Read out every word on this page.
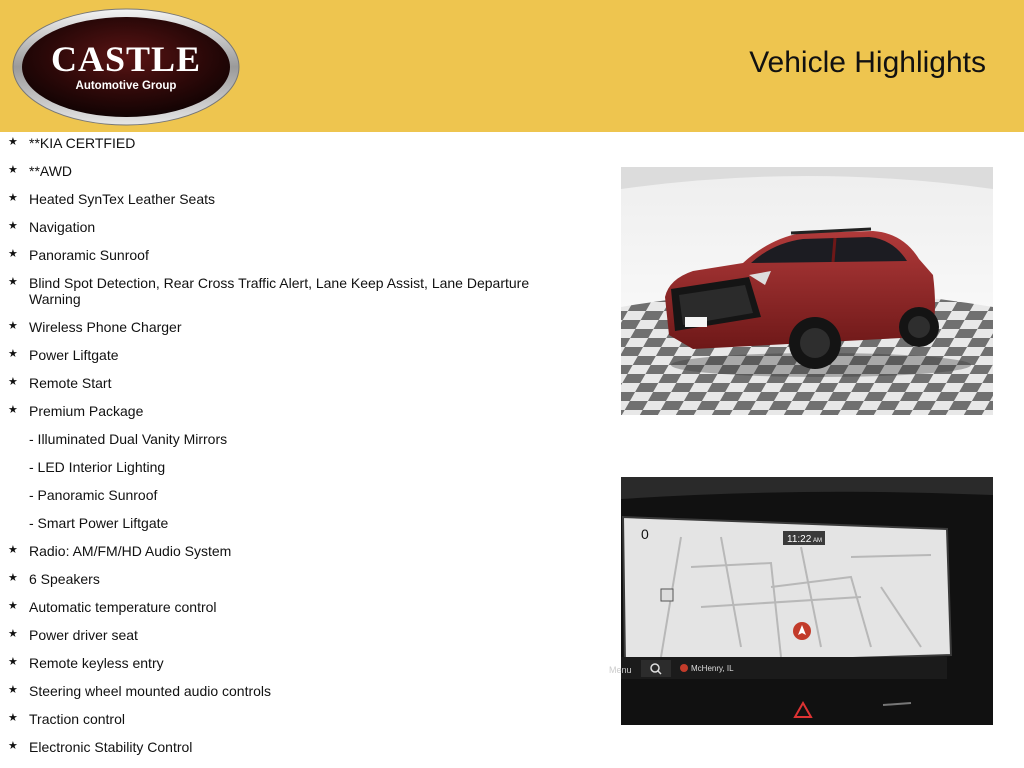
CASTLE
Automotive Group
Vehicle Highlights
★ **KIA CERTFIED
★ **AWD
★ Heated SynTex Leather Seats
★ Navigation
★ Panoramic Sunroof
★ Blind Spot Detection, Rear Cross Traffic Alert, Lane Keep Assist, Lane Departure Warning
★ Wireless Phone Charger
★ Power Liftgate
★ Remote Start
★ Premium Package
- Illuminated Dual Vanity Mirrors
- LED Interior Lighting
- Panoramic Sunroof
- Smart Power Liftgate
★ Radio: AM/FM/HD Audio System
★ 6 Speakers
★ Automatic temperature control
★ Power driver seat
★ Remote keyless entry
★ Steering wheel mounted audio controls
★ Traction control
★ Electronic Stability Control
11:22 AM
0
Menu	McHenry, IL
